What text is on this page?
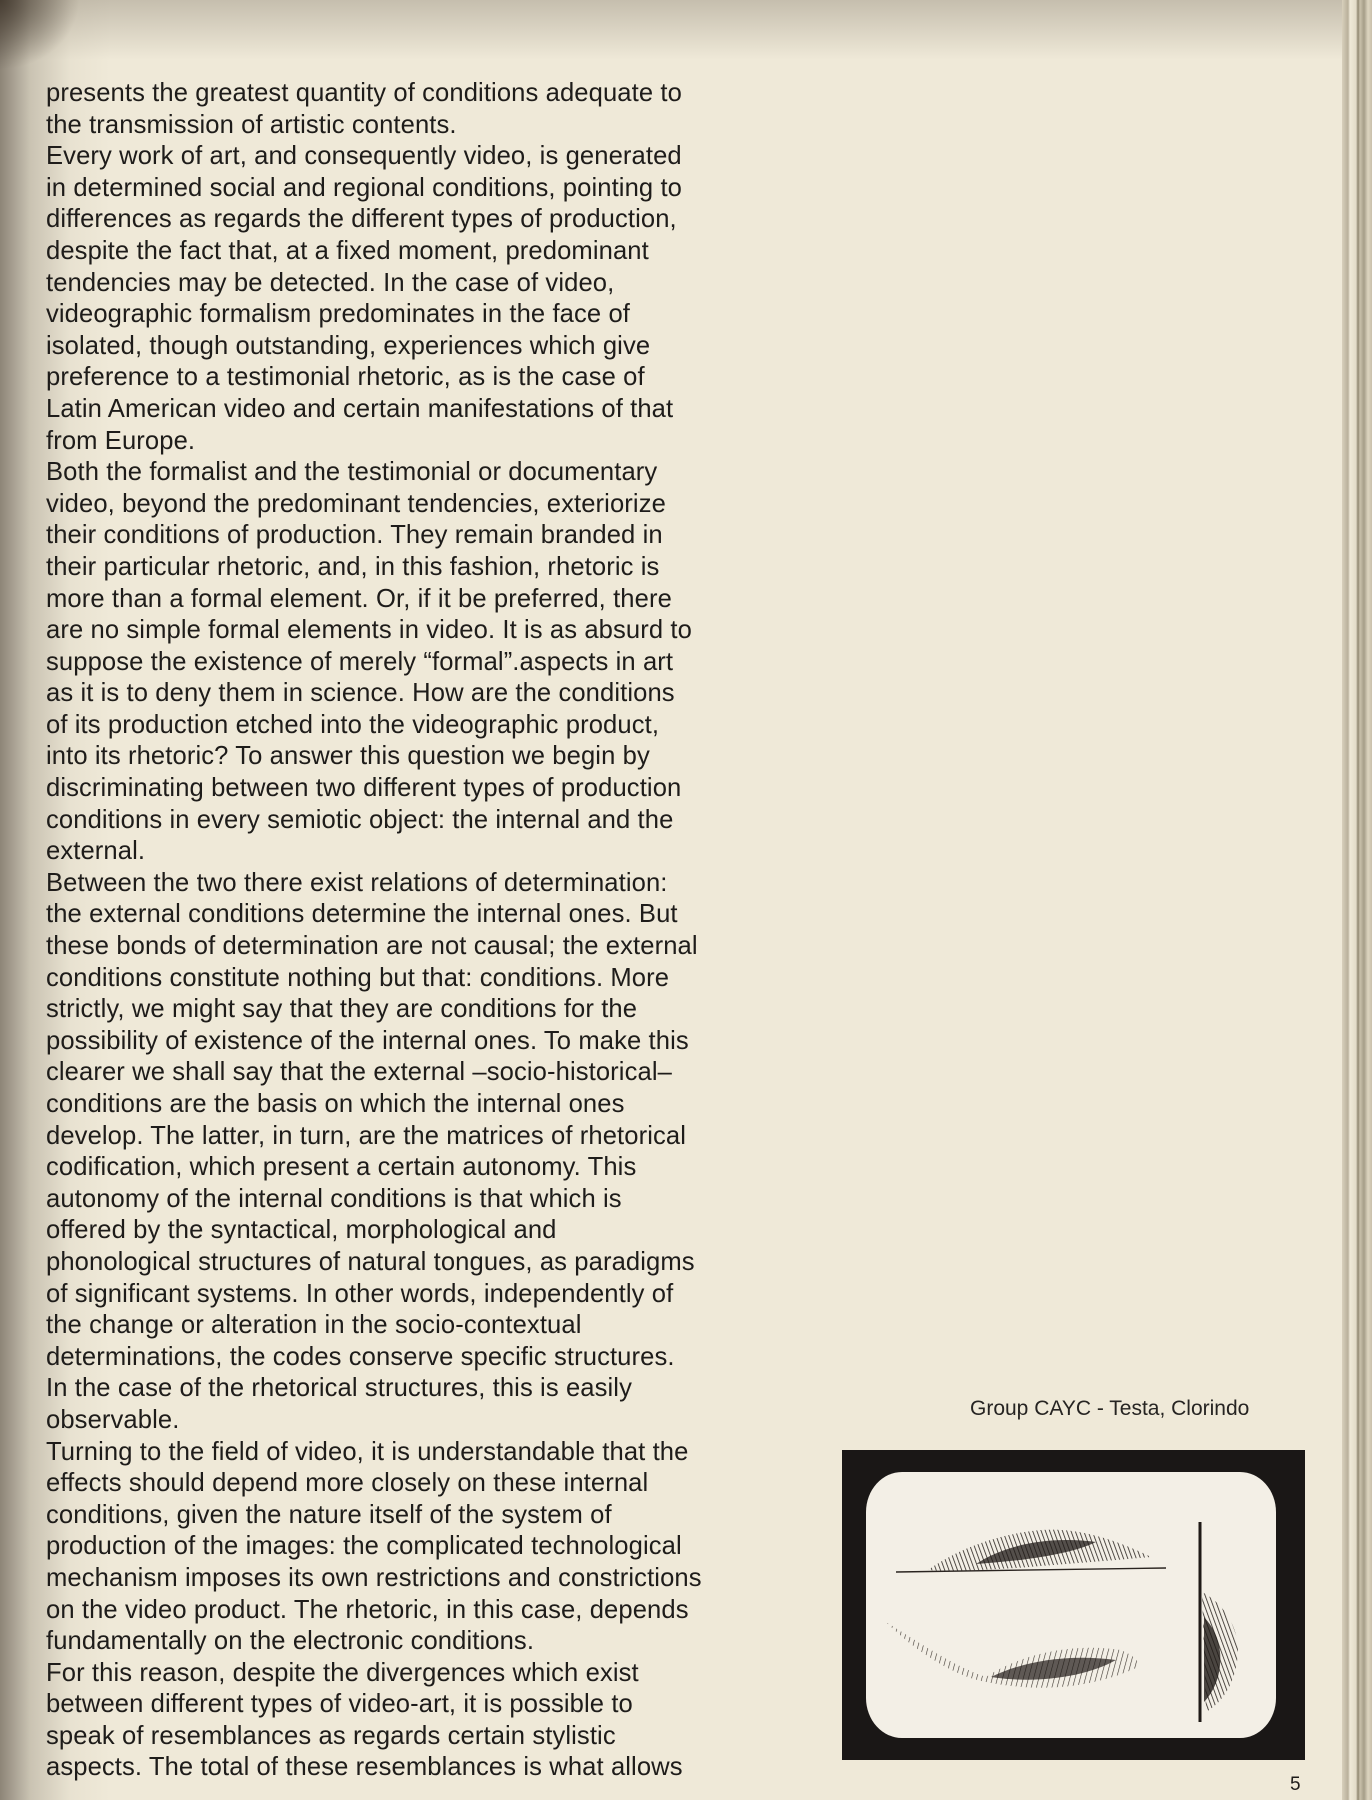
presents the greatest quantity of conditions adequate to
the transmission of artistic contents.
Every work of art, and consequently video, is generated
in determined social and regional conditions, pointing to
differences as regards the different types of production,
despite the fact that, at a fixed moment, predominant
tendencies may be detected. In the case of video,
videographic formalism predominates in the face of
isolated, though outstanding, experiences which give
preference to a testimonial rhetoric, as is the case of
Latin American video and certain manifestations of that
from Europe.
Both the formalist and the testimonial or documentary
video, beyond the predominant tendencies, exteriorize
their conditions of production. They remain branded in
their particular rhetoric, and, in this fashion, rhetoric is
more than a formal element. Or, if it be preferred, there
are no simple formal elements in video. It is as absurd to
suppose the existence of merely “formal”.aspects in art
as it is to deny them in science. How are the conditions
of its production etched into the videographic product,
into its rhetoric? To answer this question we begin by
discriminating between two different types of production
conditions in every semiotic object: the internal and the
external.
Between the two there exist relations of determination:
the external conditions determine the internal ones. But
these bonds of determination are not causal; the external
conditions constitute nothing but that: conditions. More
strictly, we might say that they are conditions for the
possibility of existence of the internal ones. To make this
clearer we shall say that the external –socio-historical–
conditions are the basis on which the internal ones
develop. The latter, in turn, are the matrices of rhetorical
codification, which present a certain autonomy. This
autonomy of the internal conditions is that which is
offered by the syntactical, morphological and
phonological structures of natural tongues, as paradigms
of significant systems. In other words, independently of
the change or alteration in the socio-contextual
determinations, the codes conserve specific structures.
In the case of the rhetorical structures, this is easily
observable.
Turning to the field of video, it is understandable that the
effects should depend more closely on these internal
conditions, given the nature itself of the system of
production of the images: the complicated technological
mechanism imposes its own restrictions and constrictions
on the video product. The rhetoric, in this case, depends
fundamentally on the electronic conditions.
For this reason, despite the divergences which exist
between different types of video-art, it is possible to
speak of resemblances as regards certain stylistic
aspects. The total of these resemblances is what allows
Group CAYC - Testa, Clorindo
5
